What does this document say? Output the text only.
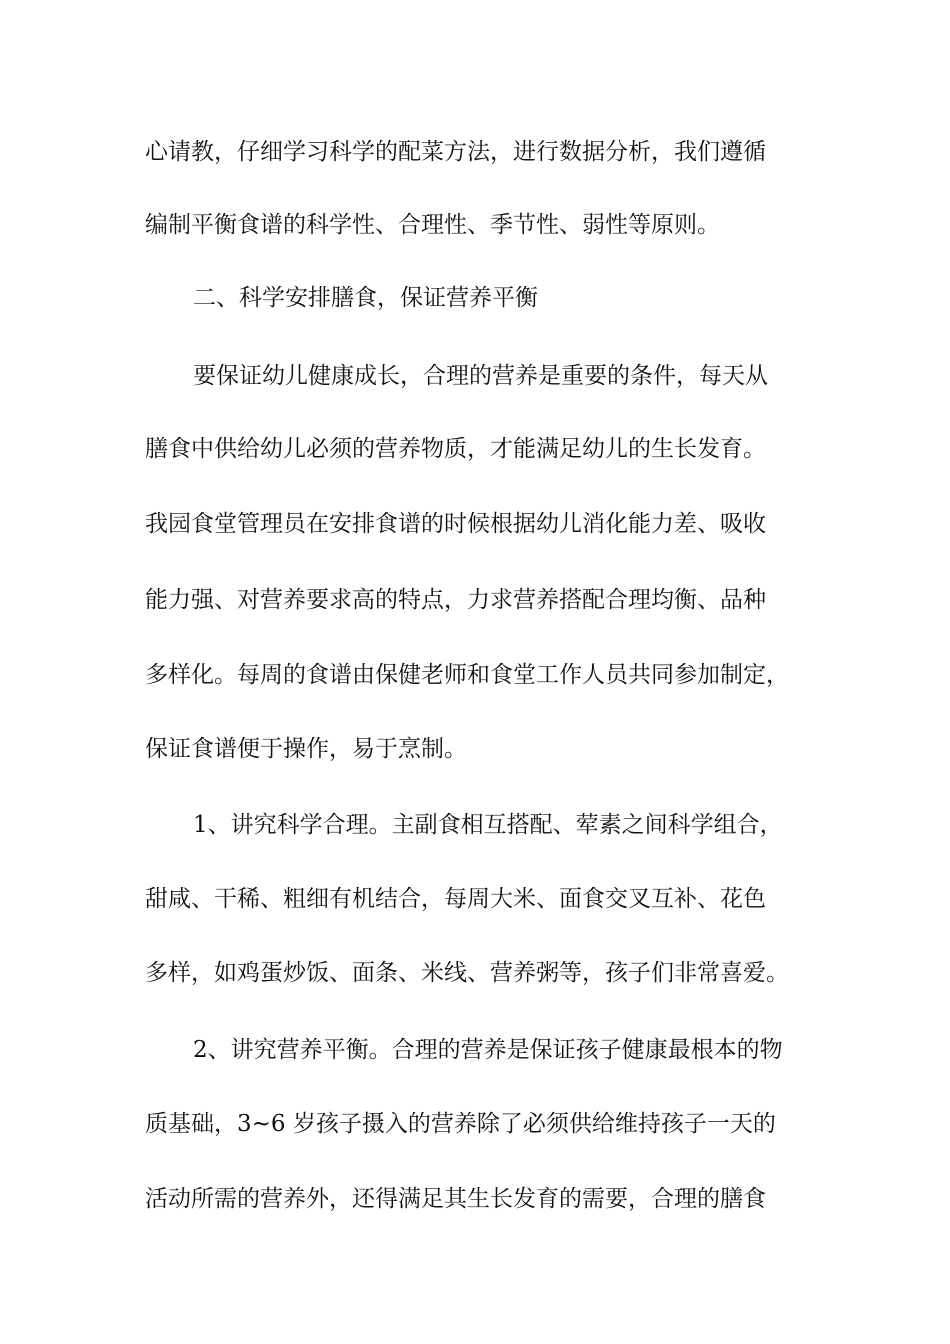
心请教，仔细学习科学的配菜方法，进行数据分析，我们遵循
编制平衡食谱的科学性、合理性、季节性、弱性等原则。
二、科学安排膳食，保证营养平衡
要保证幼儿健康成长，合理的营养是重要的条件，每天从
膳食中供给幼儿必须的营养物质，才能满足幼儿的生长发育。
我园食堂管理员在安排食谱的时候根据幼儿消化能力差、吸收
能力强、对营养要求高的特点，力求营养搭配合理均衡、品种
多样化。每周的食谱由保健老师和食堂工作人员共同参加制定，
保证食谱便于操作，易于烹制。
1、讲究科学合理。主副食相互搭配、荤素之间科学组合，
甜咸、干稀、粗细有机结合，每周大米、面食交叉互补、花色
多样，如鸡蛋炒饭、面条、米线、营养粥等，孩子们非常喜爱。
2、讲究营养平衡。合理的营养是保证孩子健康最根本的物
质基础，3~6 岁孩子摄入的营养除了必须供给维持孩子一天的
活动所需的营养外，还得满足其生长发育的需要，合理的膳食
